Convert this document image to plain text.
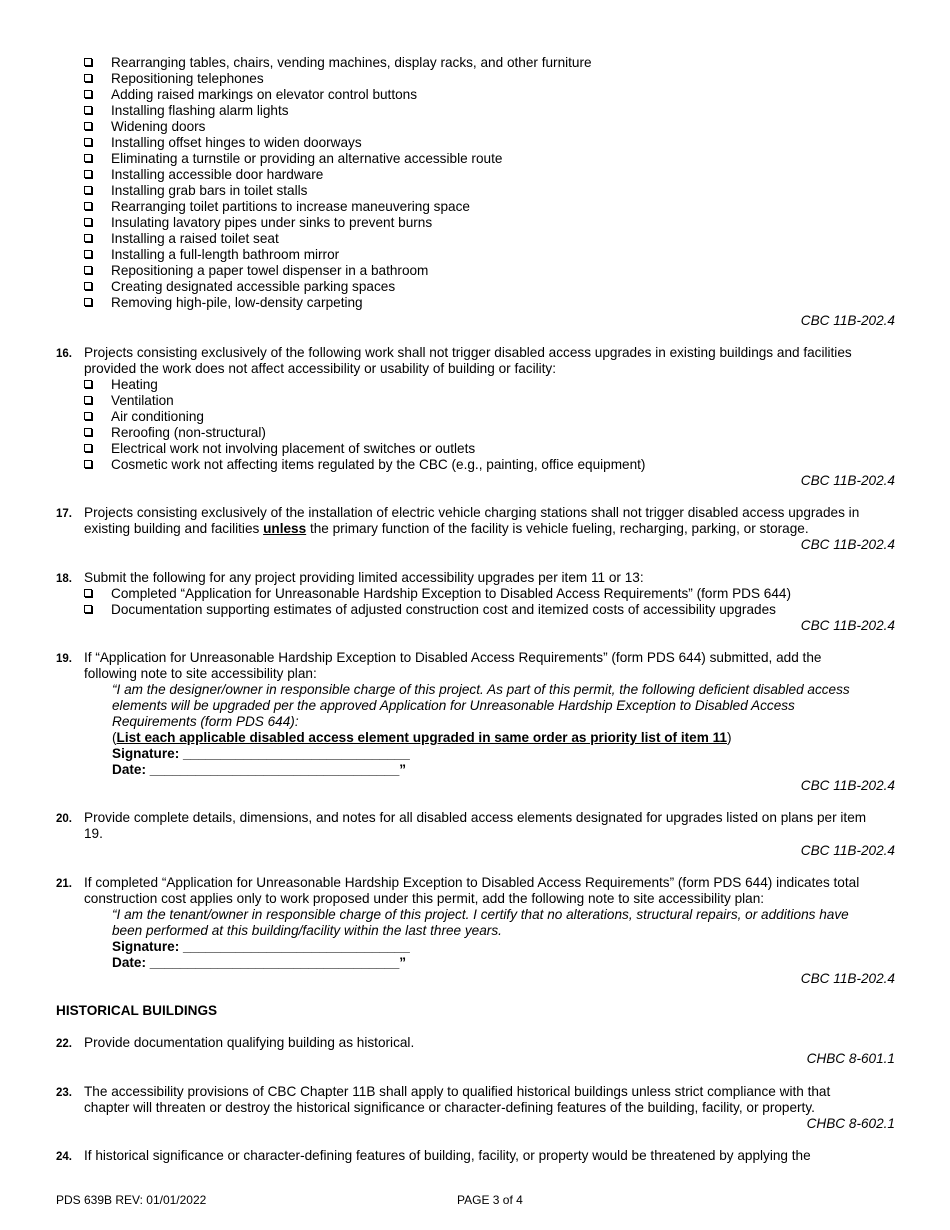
Rearranging tables, chairs, vending machines, display racks, and other furniture
Repositioning telephones
Adding raised markings on elevator control buttons
Installing flashing alarm lights
Widening doors
Installing offset hinges to widen doorways
Eliminating a turnstile or providing an alternative accessible route
Installing accessible door hardware
Installing grab bars in toilet stalls
Rearranging toilet partitions to increase maneuvering space
Insulating lavatory pipes under sinks to prevent burns
Installing a raised toilet seat
Installing a full-length bathroom mirror
Repositioning a paper towel dispenser in a bathroom
Creating designated accessible parking spaces
Removing high-pile, low-density carpeting
CBC 11B-202.4
16. Projects consisting exclusively of the following work shall not trigger disabled access upgrades in existing buildings and facilities
provided the work does not affect accessibility or usability of building or facility:
Heating
Ventilation
Air conditioning
Reroofing (non-structural)
Electrical work not involving placement of switches or outlets
Cosmetic work not affecting items regulated by the CBC (e.g., painting, office equipment)
CBC 11B-202.4
17. Projects consisting exclusively of the installation of electric vehicle charging stations shall not trigger disabled access upgrades in
existing building and facilities unless the primary function of the facility is vehicle fueling, recharging, parking, or storage.
CBC 11B-202.4
18. Submit the following for any project providing limited accessibility upgrades per item 11 or 13:
Completed “Application for Unreasonable Hardship Exception to Disabled Access Requirements” (form PDS 644)
Documentation supporting estimates of adjusted construction cost and itemized costs of accessibility upgrades
CBC 11B-202.4
19. If “Application for Unreasonable Hardship Exception to Disabled Access Requirements” (form PDS 644) submitted, add the
following note to site accessibility plan:
“I am the designer/owner in responsible charge of this project. As part of this permit, the following deficient disabled access
elements will be upgraded per the approved Application for Unreasonable Hardship Exception to Disabled Access
Requirements (form PDS 644):
(List each applicable disabled access element upgraded in same order as priority list of item 11)
Signature: ______________________________
Date: _________________________________”
CBC 11B-202.4
20. Provide complete details, dimensions, and notes for all disabled access elements designated for upgrades listed on plans per item
19.
CBC 11B-202.4
21. If completed “Application for Unreasonable Hardship Exception to Disabled Access Requirements” (form PDS 644) indicates total
construction cost applies only to work proposed under this permit, add the following note to site accessibility plan:
“I am the tenant/owner in responsible charge of this project. I certify that no alterations, structural repairs, or additions have
been performed at this building/facility within the last three years.
Signature: ______________________________
Date: _________________________________”
CBC 11B-202.4
HISTORICAL BUILDINGS
22. Provide documentation qualifying building as historical.
CHBC 8-601.1
23. The accessibility provisions of CBC Chapter 11B shall apply to qualified historical buildings unless strict compliance with that
chapter will threaten or destroy the historical significance or character-defining features of the building, facility, or property.
CHBC 8-602.1
24. If historical significance or character-defining features of building, facility, or property would be threatened by applying the
PDS 639B REV: 01/01/2022	PAGE 3 of 4
